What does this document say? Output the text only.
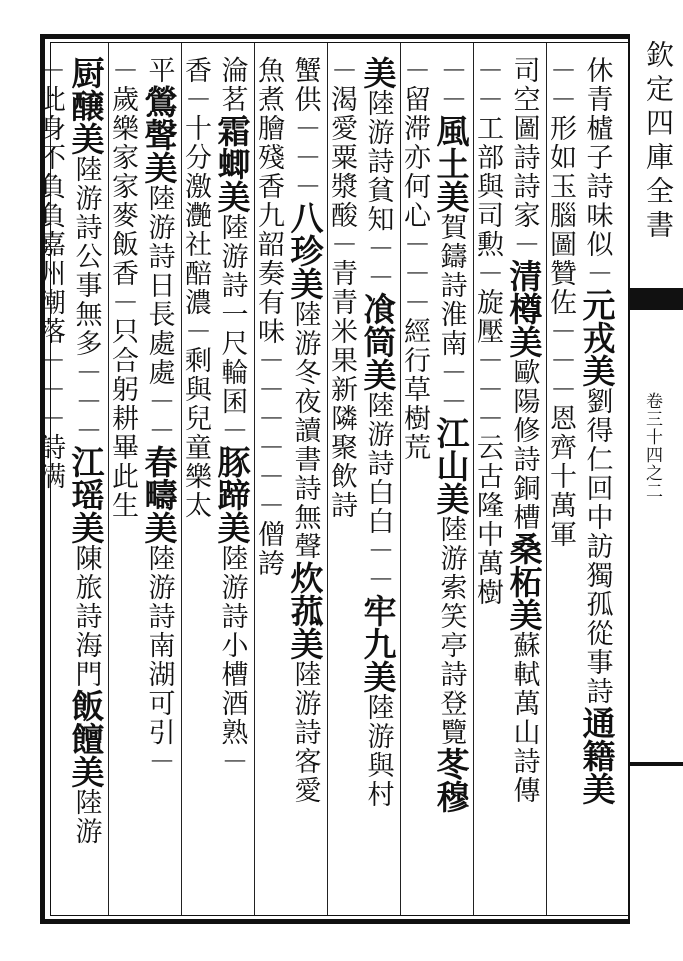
休青樝子詩味似－元戎美劉得仁回中訪獨孤從事詩通籍美
－－形如玉腦圖贊佐－－－恩齊十萬軍
司空圖詩詩家－清樽美歐陽修詩銅槽桑柘美蘇軾萬山詩傳
－－工部與司勲－旋壓－－－云古隆中萬樹
－－風土美賀鑄詩淮南－－江山美陸游索笑亭詩登覽苳穆
－留滞亦何心－－－經行草樹荒
美陸游詩貧知－－飡筒美陸游詩白白－－牢九美陸游與村
－渴愛粟漿酸－青青米果新隣聚飲詩
蟹供－－－八珍美陸游冬夜讀書詩無聲炊菰美陸游詩客愛
魚煮膾殘香九韶奏有味－－－－－－僧誇
淪茗霜蝍美陸游詩一尺輪囷－豚蹄美陸游詩小槽酒熟－
香－十分激灔社醅濃－剩與兒童樂太
平鶯聲美陸游詩日長處處－－春疇美陸游詩南湖可引－
－歲樂家家麥飯香－只合躬耕畢此生
厨醸美陸游詩公事無多－－－江瑶美陳旅詩海門飯饘美陸游
－此身不負負嘉州潮落－－－詩满
欽定四庫全書
卷三十四之二
